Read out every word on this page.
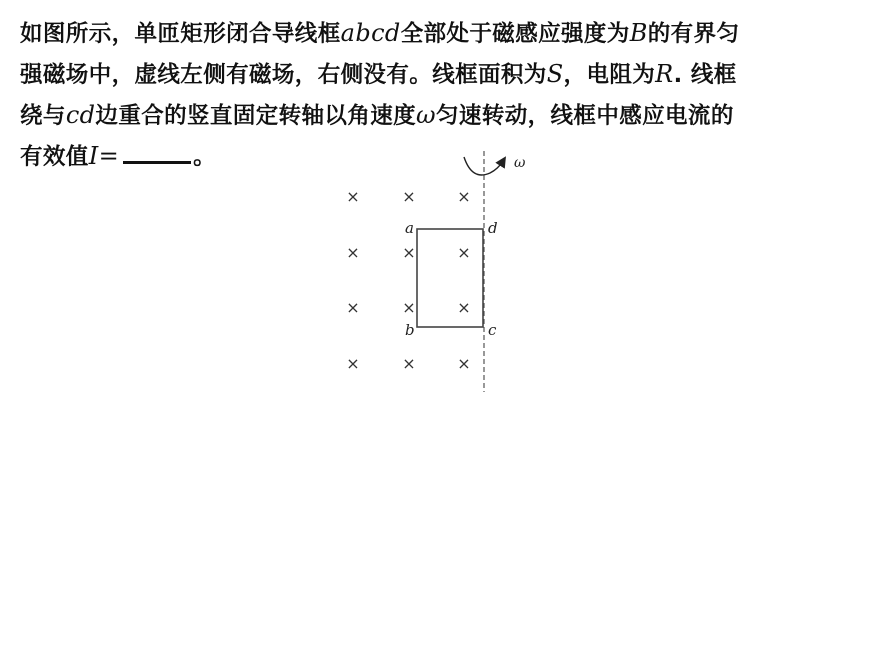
如图所示，单匝矩形闭合导线框abcd全部处于磁感应强度为B的有界匀
强磁场中，虚线左侧有磁场，右侧没有。线框面积为S，电阻为R. 线框
绕与cd边重合的竖直固定转轴以角速度ω匀速转动，线框中感应电流的
有效值I=	。	ω
a	d
b	c
×	×	×
×	×	×
×	×	×
×	×	×
